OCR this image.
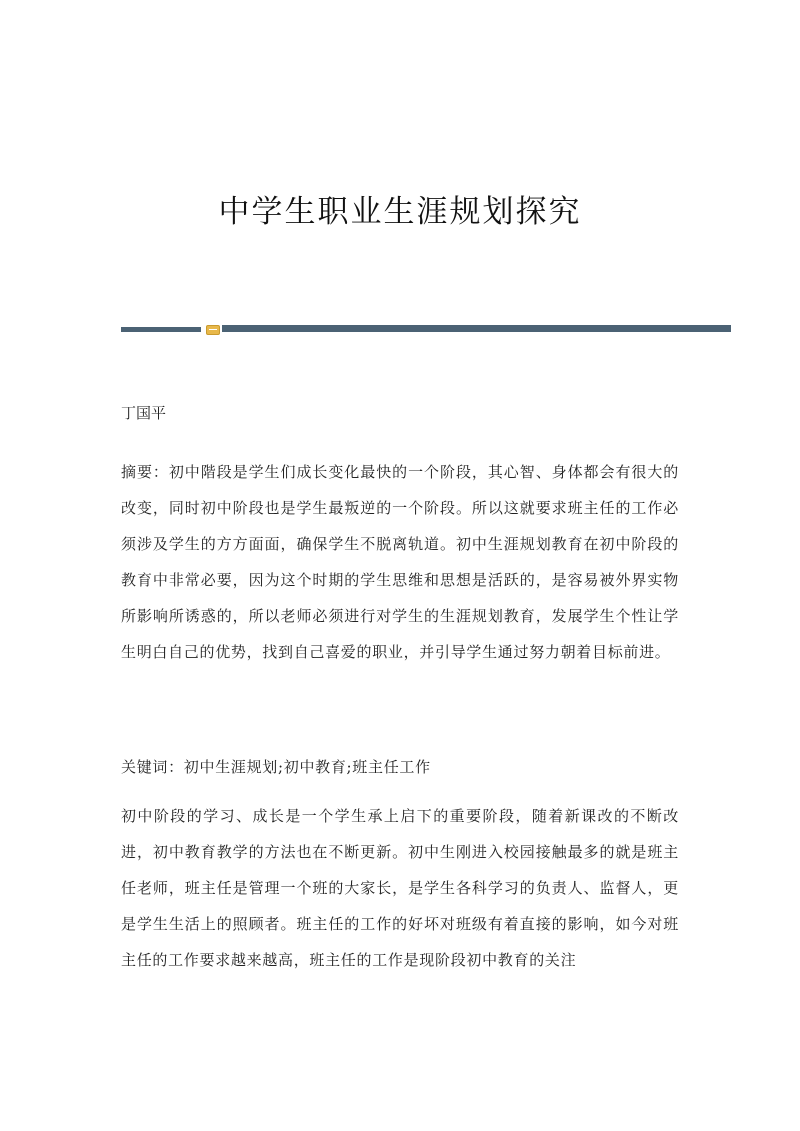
中学生职业生涯规划探究

丁国平

摘要：初中階段是学生们成长变化最快的一个阶段，其心智、身体都会有很大的改变，同时初中阶段也是学生最叛逆的一个阶段。所以这就要求班主任的工作必须涉及学生的方方面面，确保学生不脱离轨道。初中生涯规划教育在初中阶段的教育中非常必要，因为这个时期的学生思维和思想是活跃的，是容易被外界实物所影响所诱惑的，所以老师必须进行对学生的生涯规划教育，发展学生个性让学生明白自己的优势，找到自己喜爱的职业，并引导学生通过努力朝着目标前进。

关键词：初中生涯规划;初中教育;班主任工作

初中阶段的学习、成长是一个学生承上启下的重要阶段，随着新课改的不断改进，初中教育教学的方法也在不断更新。初中生刚进入校园接触最多的就是班主任老师，班主任是管理一个班的大家长，是学生各科学习的负责人、监督人，更是学生生活上的照顾者。班主任的工作的好坏对班级有着直接的影响，如今对班主任的工作要求越来越高，班主任的工作是现阶段初中教育的关注
